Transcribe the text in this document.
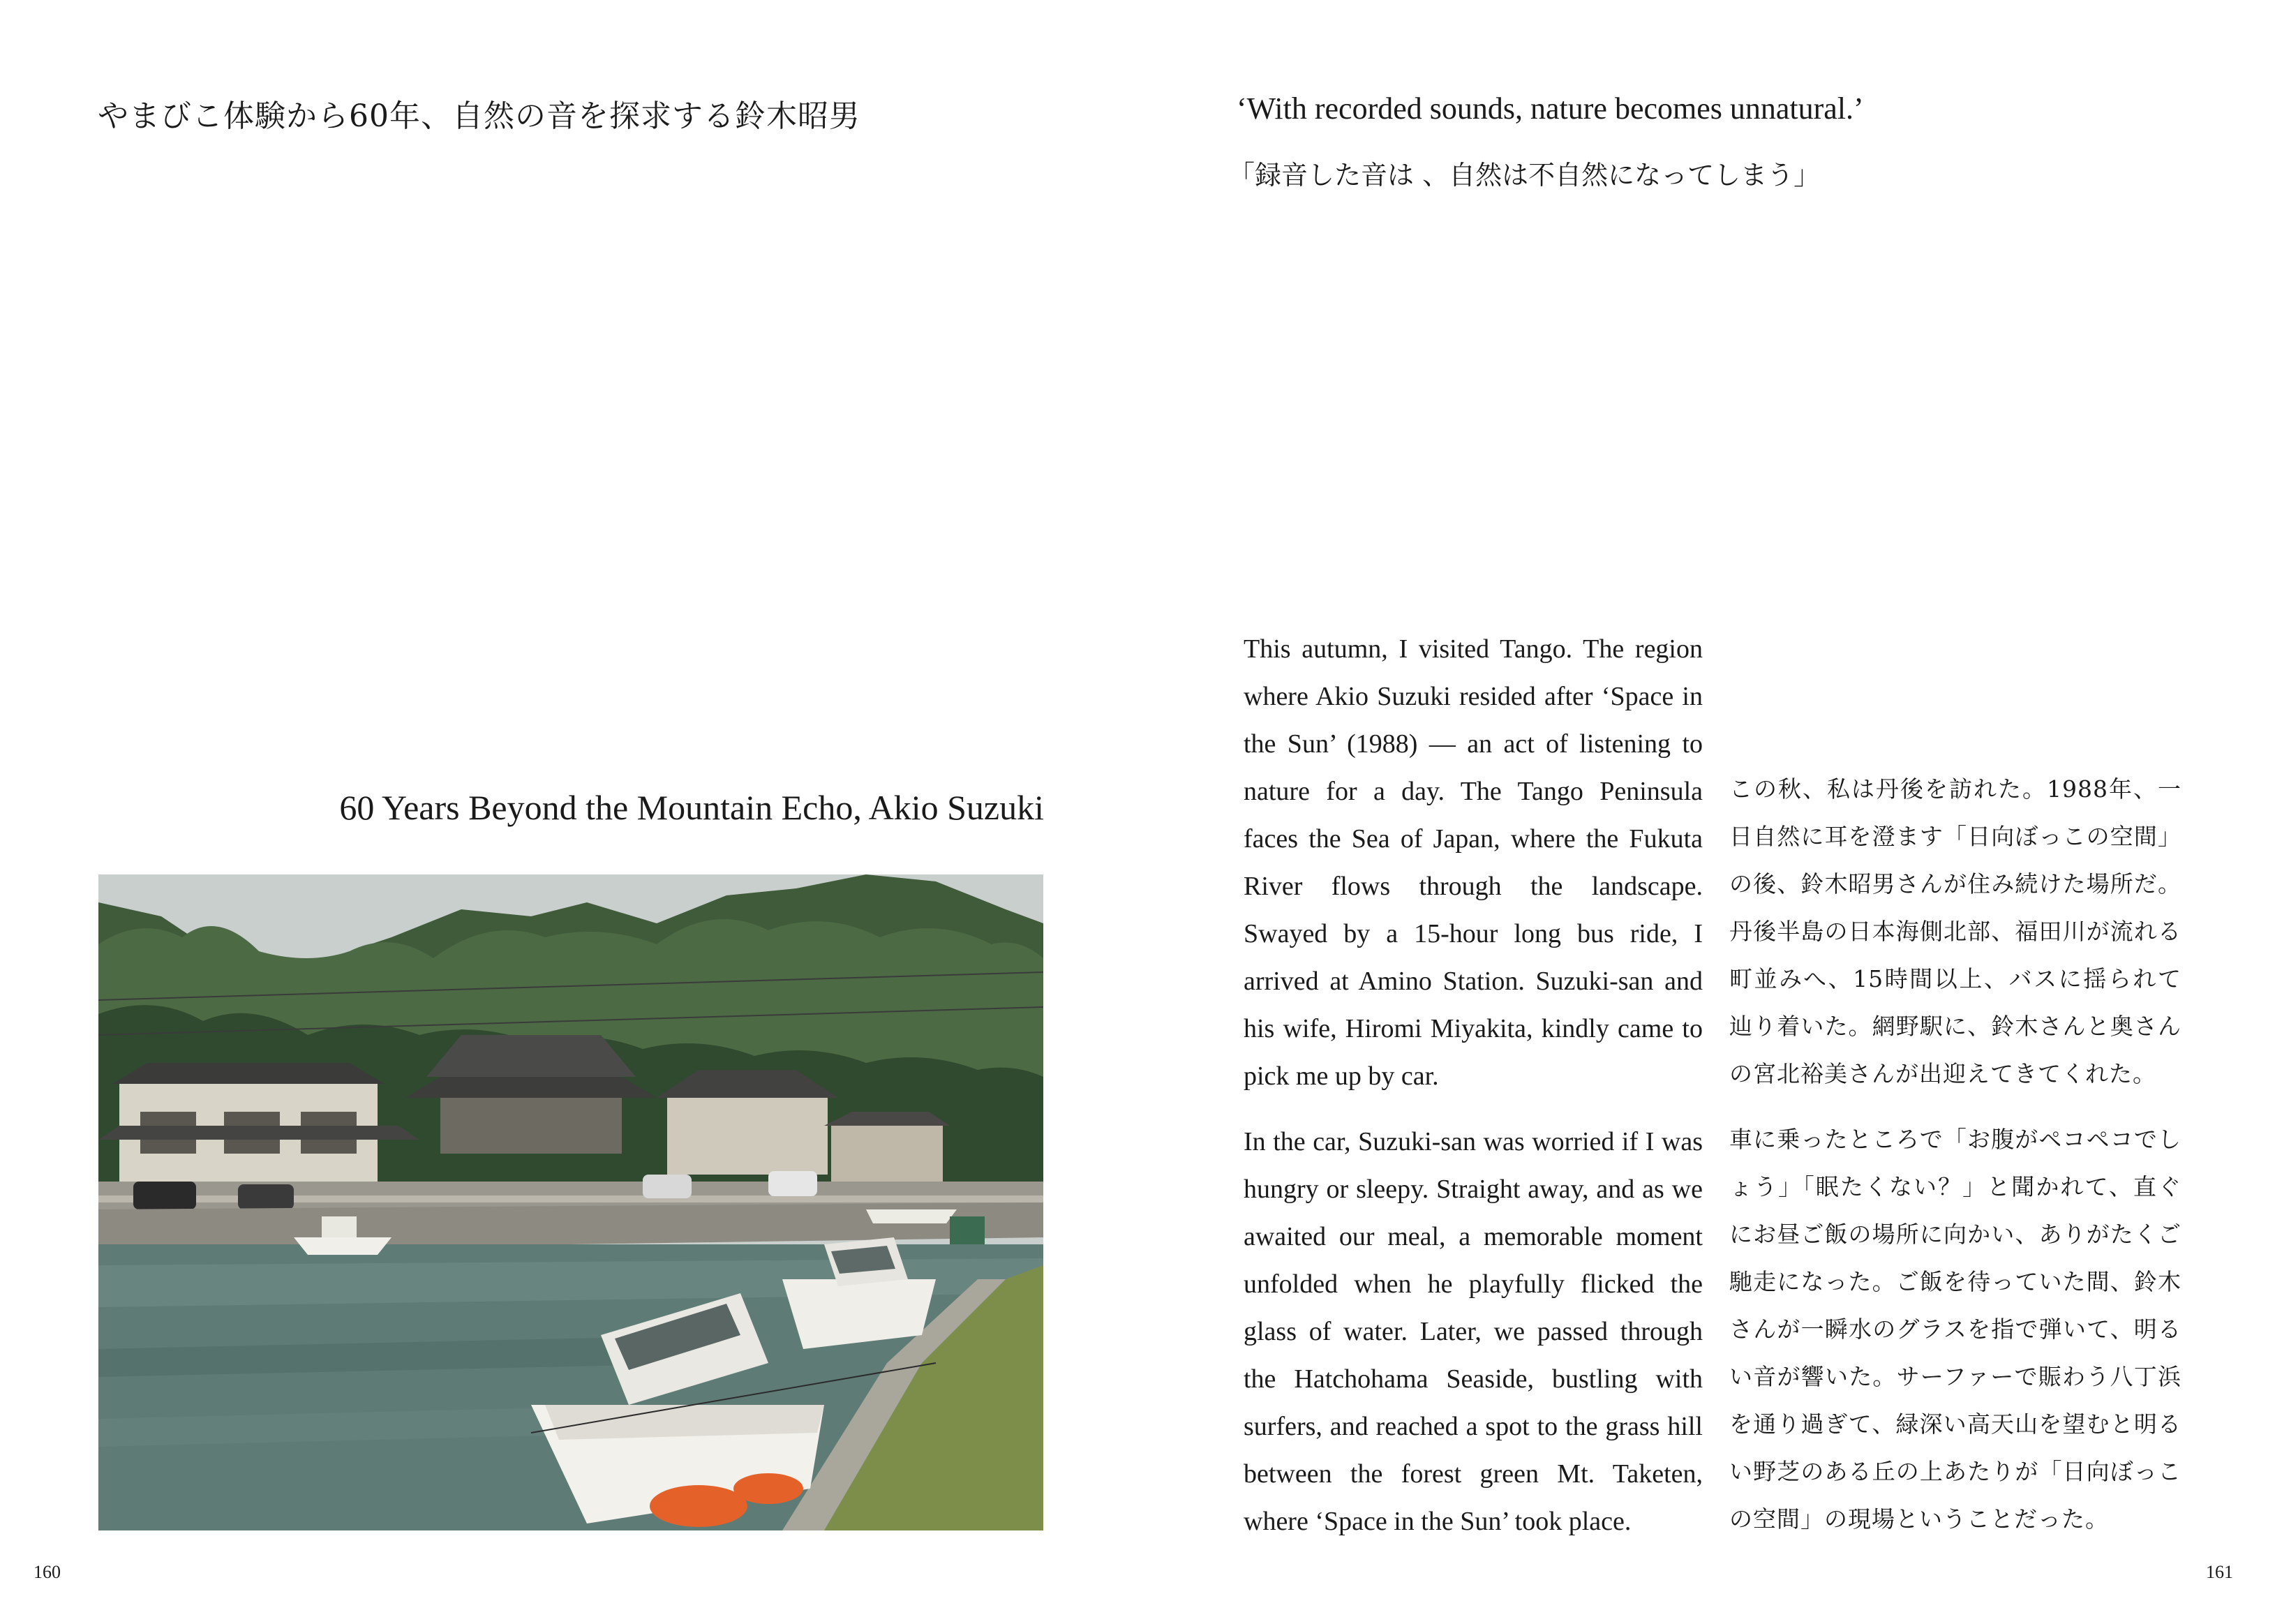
やまびこ体験から60年、自然の音を探求する鈴木昭男
60 Years Beyond the Mountain Echo, Akio Suzuki
160
‘With recorded sounds, nature becomes unnatural.’
「録音した音は 、自然は不自然になってしまう」

This autumn, I visited Tango. The region where Akio Suzuki resided after ‘Space in the Sun’ (1988) — an act of listening to nature for a day. The Tango Peninsula faces the Sea of Japan, where the Fukuta River flows through the landscape. Swayed by a 15-hour long bus ride, I arrived at Amino Station. Suzuki-san and his wife, Hiromi Miyakita, kindly came to pick me up by car.

In the car, Suzuki-san was worried if I was hungry or sleepy. Straight away, and as we awaited our meal, a memorable moment unfolded when he playfully flicked the glass of water. Later, we passed through the Hatchohama Seaside, bustling with surfers, and reached a spot to the grass hill between the forest green Mt. Taketen, where ‘Space in the Sun’ took place.

この秋、私は丹後を訪れた。1988年、一日自然に耳を澄ます「日向ぼっこの空間」の後、鈴木昭男さんが住み続けた場所だ。丹後半島の日本海側北部、福田川が流れる町並みへ、15時間以上、バスに揺られて辿り着いた。網野駅に、鈴木さんと奥さんの宮北裕美さんが出迎えてきてくれた。

車に乗ったところで「お腹がペコペコでしょう」「眠たくない？」と聞かれて、直ぐにお昼ご飯の場所に向かい、ありがたくご馳走になった。ご飯を待っていた間、鈴木さんが一瞬水のグラスを指で弾いて、明るい音が響いた。サーファーで賑わう八丁浜を通り過ぎて、緑深い高天山を望むと明るい野芝のある丘の上あたりが「日向ぼっこの空間」の現場ということだった。

161
